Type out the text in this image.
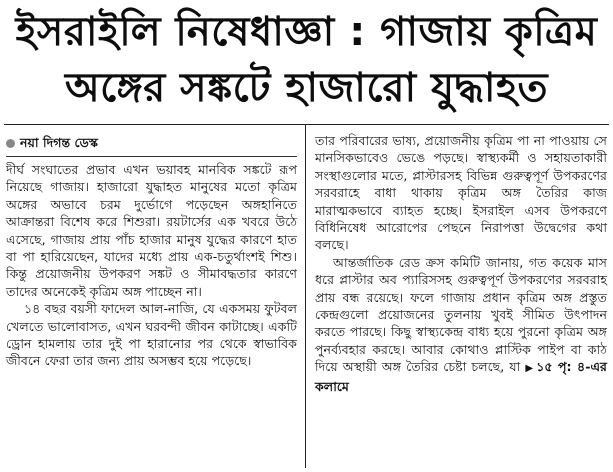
ইসরাইলি নিষেধাজ্ঞা : গাজায় কৃত্রিম
অঙ্গের সঙ্কটে হাজারো যুদ্ধাহত
নয়া দিগন্ত ডেস্ক

দীর্ঘ সংঘাতের প্রভাব এখন ভয়াবহ মানবিক সঙ্কটে রূপ নিয়েছে গাজায়। হাজারো যুদ্ধাহত মানুষের মতো কৃত্রিম অঙ্গের অভাবে চরম দুর্ভোগে পড়েছেন অঙ্গহানিতে আক্রান্তরা বিশেষ করে শিশুরা। রয়টার্সের এক খবরে উঠে এসেছে, গাজায় প্রায় পাঁচ হাজার মানুষ যুদ্ধের কারণে হাত বা পা হারিয়েছেন, যাদের মধ্যে প্রায় এক-চতুর্থাংশই শিশু। কিন্তু প্রয়োজনীয় উপকরণ সঙ্কট ও সীমাবদ্ধতার কারণে তাদের অনেকেই কৃত্রিম অঙ্গ পাচ্ছেন না।

১৪ বছর বয়সী ফাদেল আল-নাজি, যে একসময় ফুটবল খেলতে ভালোবাসত, এখন ঘরবন্দী জীবন কাটাচ্ছে। একটি ড্রোন হামলায় তার দুই পা হারানোর পর থেকে স্বাভাবিক জীবনে ফেরা তার জন্য প্রায় অসম্ভব হয়ে পড়েছে।

তার পরিবারের ভাষ্য, প্রয়োজনীয় কৃত্রিম পা না পাওয়ায় সে মানসিকভাবেও ভেঙে পড়ছে। স্বাস্থ্যকর্মী ও সহায়তাকারী সংস্থাগুলোর মতে, প্লাস্টারসহ বিভিন্ন গুরুত্বপূর্ণ উপকরণের সরবরাহে বাধা থাকায় কৃত্রিম অঙ্গ তৈরির কাজ মারাত্মকভাবে ব্যাহত হচ্ছে। ইসরাইল এসব উপকরণে বিধিনিষেধ আরোপের পেছনে নিরাপত্তা উদ্বেগের কথা বলছে।

আন্তর্জাতিক রেড ক্রস কমিটি জানায়, গত কয়েক মাস ধরে প্লাস্টার অব প্যারিসসহ গুরুত্বপূর্ণ উপকরণের সরবরাহ প্রায় বন্ধ রয়েছে। ফলে গাজায় প্রধান কৃত্রিম অঙ্গ প্রস্তুত কেন্দ্রগুলো প্রয়োজনের তুলনায় খুবই সীমিত উৎপাদন করতে পারছে। কিছু স্বাস্থ্যকেন্দ্র বাধ্য হয়ে পুরনো কৃত্রিম অঙ্গ পুনর্ব্যবহার করছে। আবার কোথাও প্লাস্টিক পাইপ বা কাঠ দিয়ে অস্থায়ী অঙ্গ তৈরির চেষ্টা চলছে, যা ▶ ১৫ পৃ: ৪-এর কলামে
